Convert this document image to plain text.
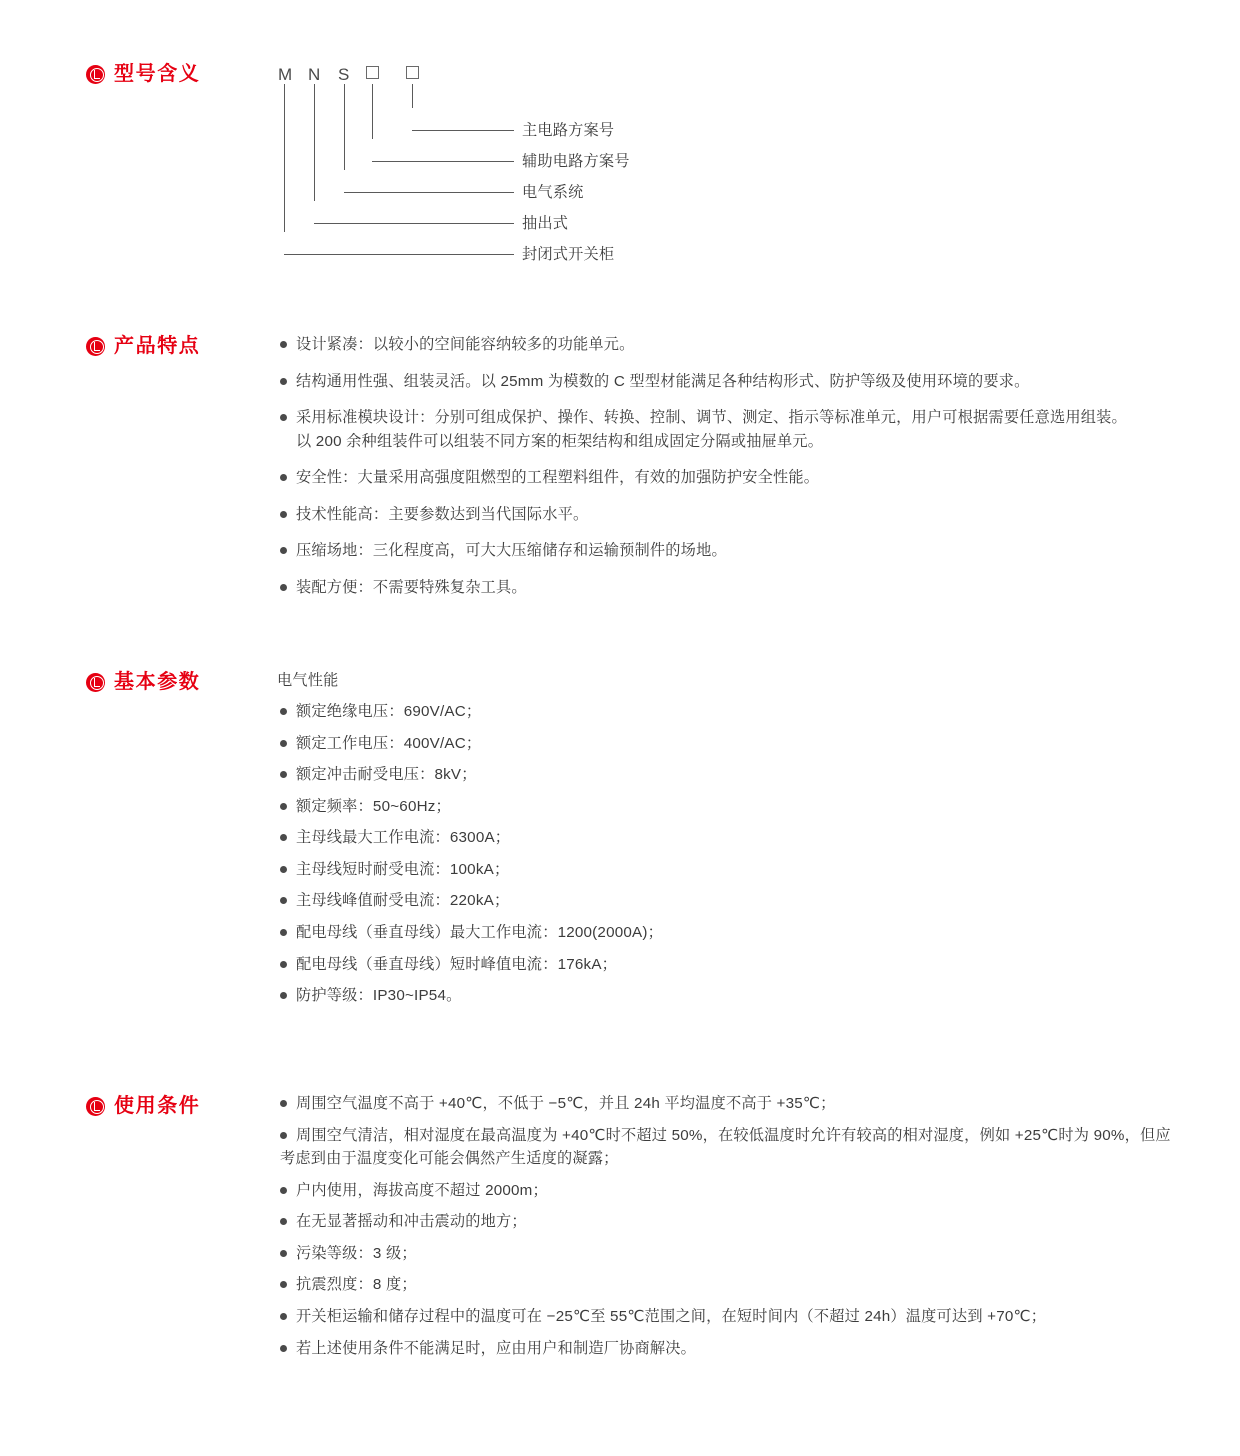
型号含义	M N S
主电路方案号
辅助电路方案号
电气系统
抽出式
封闭式开关柜
产品特点	设计紧凑：以较小的空间能容纳较多的功能单元。
结构通用性强、组装灵活。以 25mm 为模数的 C 型型材能满足各种结构形式、防护等级及使用环境的要求。
采用标准模块设计：分别可组成保护、操作、转换、控制、调节、测定、指示等标准单元，用户可根据需要任意选用组装。
以 200 余种组装件可以组装不同方案的柜架结构和组成固定分隔或抽屉单元。
安全性：大量采用高强度阻燃型的工程塑料组件，有效的加强防护安全性能。
技术性能高：主要参数达到当代国际水平。
压缩场地：三化程度高，可大大压缩储存和运输预制件的场地。
装配方便：不需要特殊复杂工具。
基本参数	电气性能
额定绝缘电压：690V/AC；
额定工作电压：400V/AC；
额定冲击耐受电压：8kV；
额定频率：50~60Hz；
主母线最大工作电流：6300A；
主母线短时耐受电流：100kA；
主母线峰值耐受电流：220kA；
配电母线（垂直母线）最大工作电流：1200(2000A)；
配电母线（垂直母线）短时峰值电流：176kA；
防护等级：IP30~IP54。
使用条件	周围空气温度不高于 +40℃，不低于 −5℃，并且 24h 平均温度不高于 +35℃；
周围空气清洁，相对湿度在最高温度为 +40℃时不超过 50%，在较低温度时允许有较高的相对湿度，例如 +25℃时为 90%，但应考虑到由于温度变化可能会偶然产生适度的凝露；
户内使用，海拔高度不超过 2000m；
在无显著摇动和冲击震动的地方；
污染等级：3 级；
抗震烈度：8 度；
开关柜运输和储存过程中的温度可在 −25℃至 55℃范围之间，在短时间内（不超过 24h）温度可达到 +70℃；
若上述使用条件不能满足时，应由用户和制造厂协商解决。
